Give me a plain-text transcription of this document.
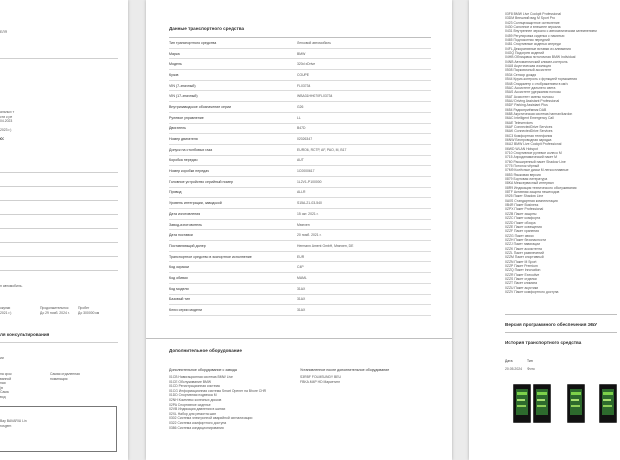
ЕЛЯ
альных т
сти к ре
04.2023
2023 г.)
о:
н автомобиль.
окупки
2021 г.)
Продолжительнос
До 29 нояб. 2024 г.
Пробег
До 300000 км
ля консультирования
ии
на срок
ванной
пая
(в
Сама
вод
Самая отдаленная
номинация
Bay BAVARIU Lin
rosgem
Данные транспортного средства
Тип транспортного средства	Легковой автомобиль
Марка	BMW
Модель	320d xDrive
Кузов	COUPE
VIN (7-значный)	FL03734
VIN (17-значный)	WBA31HH070FL03734
Внутризаводское обозначение серии	G26
Рулевое управление	LL
Двигатель	B47D
Номер двигателя	02026347
Допуск на столбовых газа	EURO6, RCTP, AF, PAO, M, B17
Коробка передач	AUT
Номер коробки передач	1C0000617
Головное устройство серийный номер	1L2V1-P100000
Привод	ALLR
Уровень интеграции, заводской	S15A-21-03-540
Дата изготовления	15 окт. 2021 г.
Завод-изготовитель	Мюнхен
Дата поставки	20 нояб. 2021 г.
Поставляющий дилер	Hermann Ament GmbH, Мюнхен, DE
Транспортное средство в экспортное исполнение	EUR
Код окраски	C4P
Код обивки	MAML
Код модели	31AX
Базовый тип	31AX
Ключ серии модели	31AX
Дополнительное оборудование
Дополнительное оборудование с завода
01CB Навигационная система BMW Live
01CE Обслуживание BMW
01CD Регистрационная система
01CG Информационная система Smart Opener на Bhore CHR
01DD Спортивная подвеска M
02NH Комплекс колесных дисков
02PA Спортивное сиденье
02VB Индикация давления в шинах
02XL Набор для ремонта шин
0302 Система электронной аварийной сигнализации
0322 Система комфортного доступа
0386 Система кондиционирования
Установленное после дополнительное оборудование
S3RBF FOLMSUNDY BEU
FBKA.M4P HD Маркетинг
03F8 BMW Live Cockpit Professional
03DM Внешний вид M Sport Pro
0423 Солнцезащитное остекление
0430 Салонное и внешнее зеркала
0431 Внутреннее зеркало с автоматическим затемнением
0459 Регулировка сиденья с памятью
0465 Подлокотник передний
0481 Спортивные сиденья спереди
04FL Декоративные вставки из алюминия
04GQ Подогрев сидений
04HB Облицовка потолочная BMW Individual
04NB Автоматический климат-контроль
04U8 Акустическая изоляция
0508 Парковочный ассистент
0534 Сенсор дождя
0544 Круиз-контроль с функцией торможения
0548 Спидометр с отображением в км/ч
05AC Ассистент дальнего света
05AS Ассистент удержания полосы
05AT Ассистент смены полосы
05AU Driving Assistant Professional
05DF Parking Assistant Plus
0654 Радиоприёмник DAB
0688 Акустическая система harman/kardon
06AC Intelligent Emergency Call
06AE Teleservices
06AF ConnectedDrive Services
06AK ConnectedDrive Services
06C3 Комфортная телефония
06NW Беспроводная зарядка
06U2 BMW Live Cockpit Professional
06WD WLAN Hotspot
0710 Спортивное рулевое колесо M
0715 Аэродинамический пакет M
0760 Расширенный пакет Shadow Line
0775 Потолок чёрный
07M9 Колёсные диски M легкосплавные
0853 Языковая версия
0879 Бортовая литература
08KA Межсервисный интервал
08R9 Индикация технического обслуживания
08TF Активная защита пешеходов
0925 Пакет Shadow Line
0A0S Стандартная комплектация
0B4R Пакет Business
0ZPX Пакет Professional
0ZZB Пакет защиты
0ZZC Пакет комфорта
0ZZD Пакет обзора
0ZZE Пакет освещения
0ZZF Пакет хранения
0ZZG Пакет связи
0ZZH Пакет безопасности
0ZZJ Пакет навигации
0ZZK Пакет ассистента
0ZZL Пакет развлечений
0ZZM Пакет спортивный
0ZZN Пакет M Sport
0ZZP Пакет Premium
0ZZQ Пакет Innovation
0ZZR Пакет Executive
0ZZS Пакет отделки
0ZZT Пакет климата
0ZZU Пакет акустики
0ZZV Пакет комфортного доступа
Версия программного обеспечения ЭБУ
История транспортного средства
Дата	Тип
20.05.2024	Фото
